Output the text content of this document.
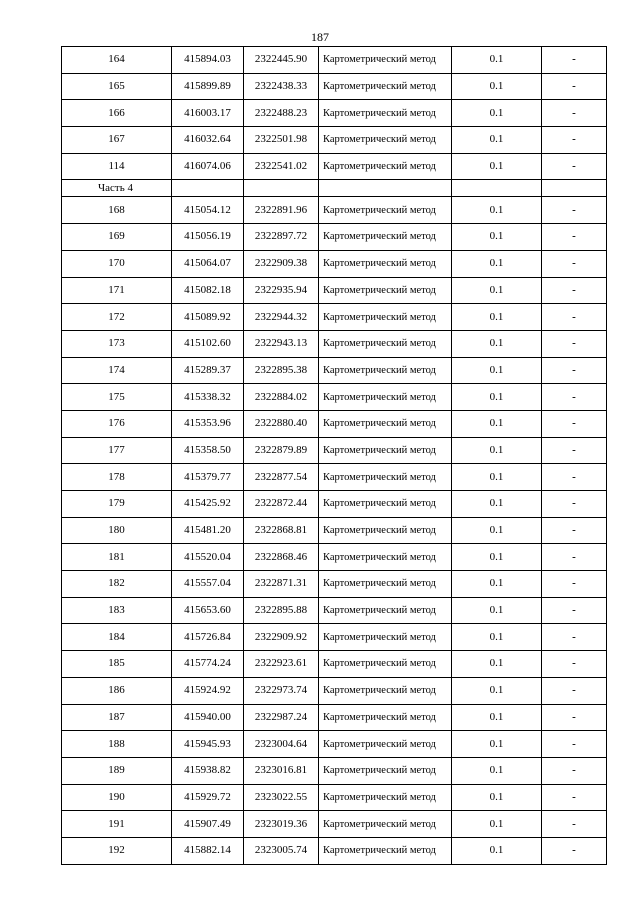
187
164	415894.03	2322445.90	Картометрический метод	0.1	-
165	415899.89	2322438.33	Картометрический метод	0.1	-
166	416003.17	2322488.23	Картометрический метод	0.1	-
167	416032.64	2322501.98	Картометрический метод	0.1	-
114	416074.06	2322541.02	Картометрический метод	0.1	-
Часть 4					
168	415054.12	2322891.96	Картометрический метод	0.1	-
169	415056.19	2322897.72	Картометрический метод	0.1	-
170	415064.07	2322909.38	Картометрический метод	0.1	-
171	415082.18	2322935.94	Картометрический метод	0.1	-
172	415089.92	2322944.32	Картометрический метод	0.1	-
173	415102.60	2322943.13	Картометрический метод	0.1	-
174	415289.37	2322895.38	Картометрический метод	0.1	-
175	415338.32	2322884.02	Картометрический метод	0.1	-
176	415353.96	2322880.40	Картометрический метод	0.1	-
177	415358.50	2322879.89	Картометрический метод	0.1	-
178	415379.77	2322877.54	Картометрический метод	0.1	-
179	415425.92	2322872.44	Картометрический метод	0.1	-
180	415481.20	2322868.81	Картометрический метод	0.1	-
181	415520.04	2322868.46	Картометрический метод	0.1	-
182	415557.04	2322871.31	Картометрический метод	0.1	-
183	415653.60	2322895.88	Картометрический метод	0.1	-
184	415726.84	2322909.92	Картометрический метод	0.1	-
185	415774.24	2322923.61	Картометрический метод	0.1	-
186	415924.92	2322973.74	Картометрический метод	0.1	-
187	415940.00	2322987.24	Картометрический метод	0.1	-
188	415945.93	2323004.64	Картометрический метод	0.1	-
189	415938.82	2323016.81	Картометрический метод	0.1	-
190	415929.72	2323022.55	Картометрический метод	0.1	-
191	415907.49	2323019.36	Картометрический метод	0.1	-
192	415882.14	2323005.74	Картометрический метод	0.1	-
